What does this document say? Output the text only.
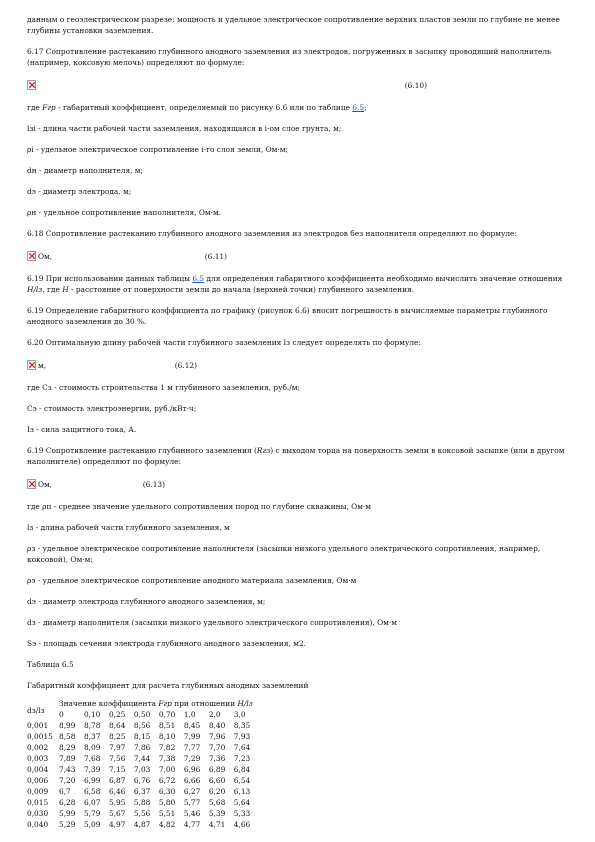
данным о геоэлектрическом разрезе: мощность и удельное электрическое сопротивление верхних пластов земли по глубине не менее глубины установки заземления.

6.17 Сопротивление растеканию глубинного анодного заземления из электродов, погруженных в засыпку проводящий наполнитель (например, коксовую мелочь) определяют по формуле:

(6.10)

где Fгр - габаритный коэффициент, определяемый по рисунку 6.6 или по таблице 6.5;

lзi - длина части рабочей части заземления, находящаяся в i-ом слое грунта, м;

ρi - удельное электрическое сопротивление i-го слоя земли, Ом·м;

dн - диаметр наполнителя, м;

dэ - диаметр электрода, м;

ρн - удельное сопротивление наполнителя, Ом·м.

6.18 Сопротивление растеканию глубинного анодного заземления из электродов без наполнителя определяют по формуле:

Ом,	(6.11)

6.19 При использовании данных таблицы 6.5 для определения габаритного коэффициента необходимо вычислить значение отношения H/lз, где H - расстояние от поверхности земли до начала (верхней точки) глубинного заземления.

6.19 Определение габаритного коэффициента по графику (рисунок 6.6) вносит погрешность в вычисляемые параметры глубинного анодного заземления до 30 %.

6.20 Оптимальную длину рабочей части глубинного заземления lз следует определять по формуле:

м,	(6.12)

где Сз - стоимость строительства 1 м глубинного заземления, руб./м;

Сэ - стоимость электроэнергии, руб./кВт·ч;

Iз - сила защитного тока, А.

6.19 Сопротивление растеканию глубинного заземления (Rгз) с выходом торца на поверхность земли в коксовой засыпке (или в другом наполнителе) определяют по формуле:

Ом,	(6.13)

где ρп - среднее значение удельного сопротивления пород по глубине скважины, Ом·м

lз - длина рабочей части глубинного заземления, м

ρз - удельное электрическое сопротивление наполнителя (засыпки низкого удельного электрического сопротивления, например, коксовой), Ом·м;

ρэ - удельное электрическое сопротивление анодного материала заземления, Ом·м

dэ - диаметр электрода глубинного анодного заземления, м;

dз - диаметр наполнителя (засыпки низкого удельного электрического сопротивления), Ом·м

Sэ - площадь сечения электрода глубинного анодного заземления, м2.

Таблица 6.5

Габаритный коэффициент для расчета глубинных анодных заземлений

dз/lз	Значение коэффициента Fгр при отношении H/lз							
	0	0,10	0,25	0,50	0,70	1,0	2,0	3,0
0,001	8,99	8,78	8,64	8,56	8,51	8,45	8,40	8,35
0,0015	8,58	8,37	8,25	8,15	8,10	7,99	7,96	7,93
0,002	8,29	8,09	7,97	7,86	7,82	7,77	7,70	7,64
0,003	7,89	7,68	7,56	7,44	7,38	7,29	7,36	7,23
0,004	7,43	7,39	7,15	7,03	7,00	6,96	6,89	6,84
0,006	7,20	6,99	6,87	6,76	6,72	6,66	6,60	6,54
0,009	6,7	6,58	6,46	6,37	6,30	6,27	6,20	6,13
0,015	6,28	6,07	5,95	5,88	5,80	5,77	5,68	5,64
0,030	5,99	5,79	5,67	5,56	5,51	5,46	5,39	5,33
0,040	5,29	5,09	4,97	4,87	4,82	4,77	4,71	4,66
